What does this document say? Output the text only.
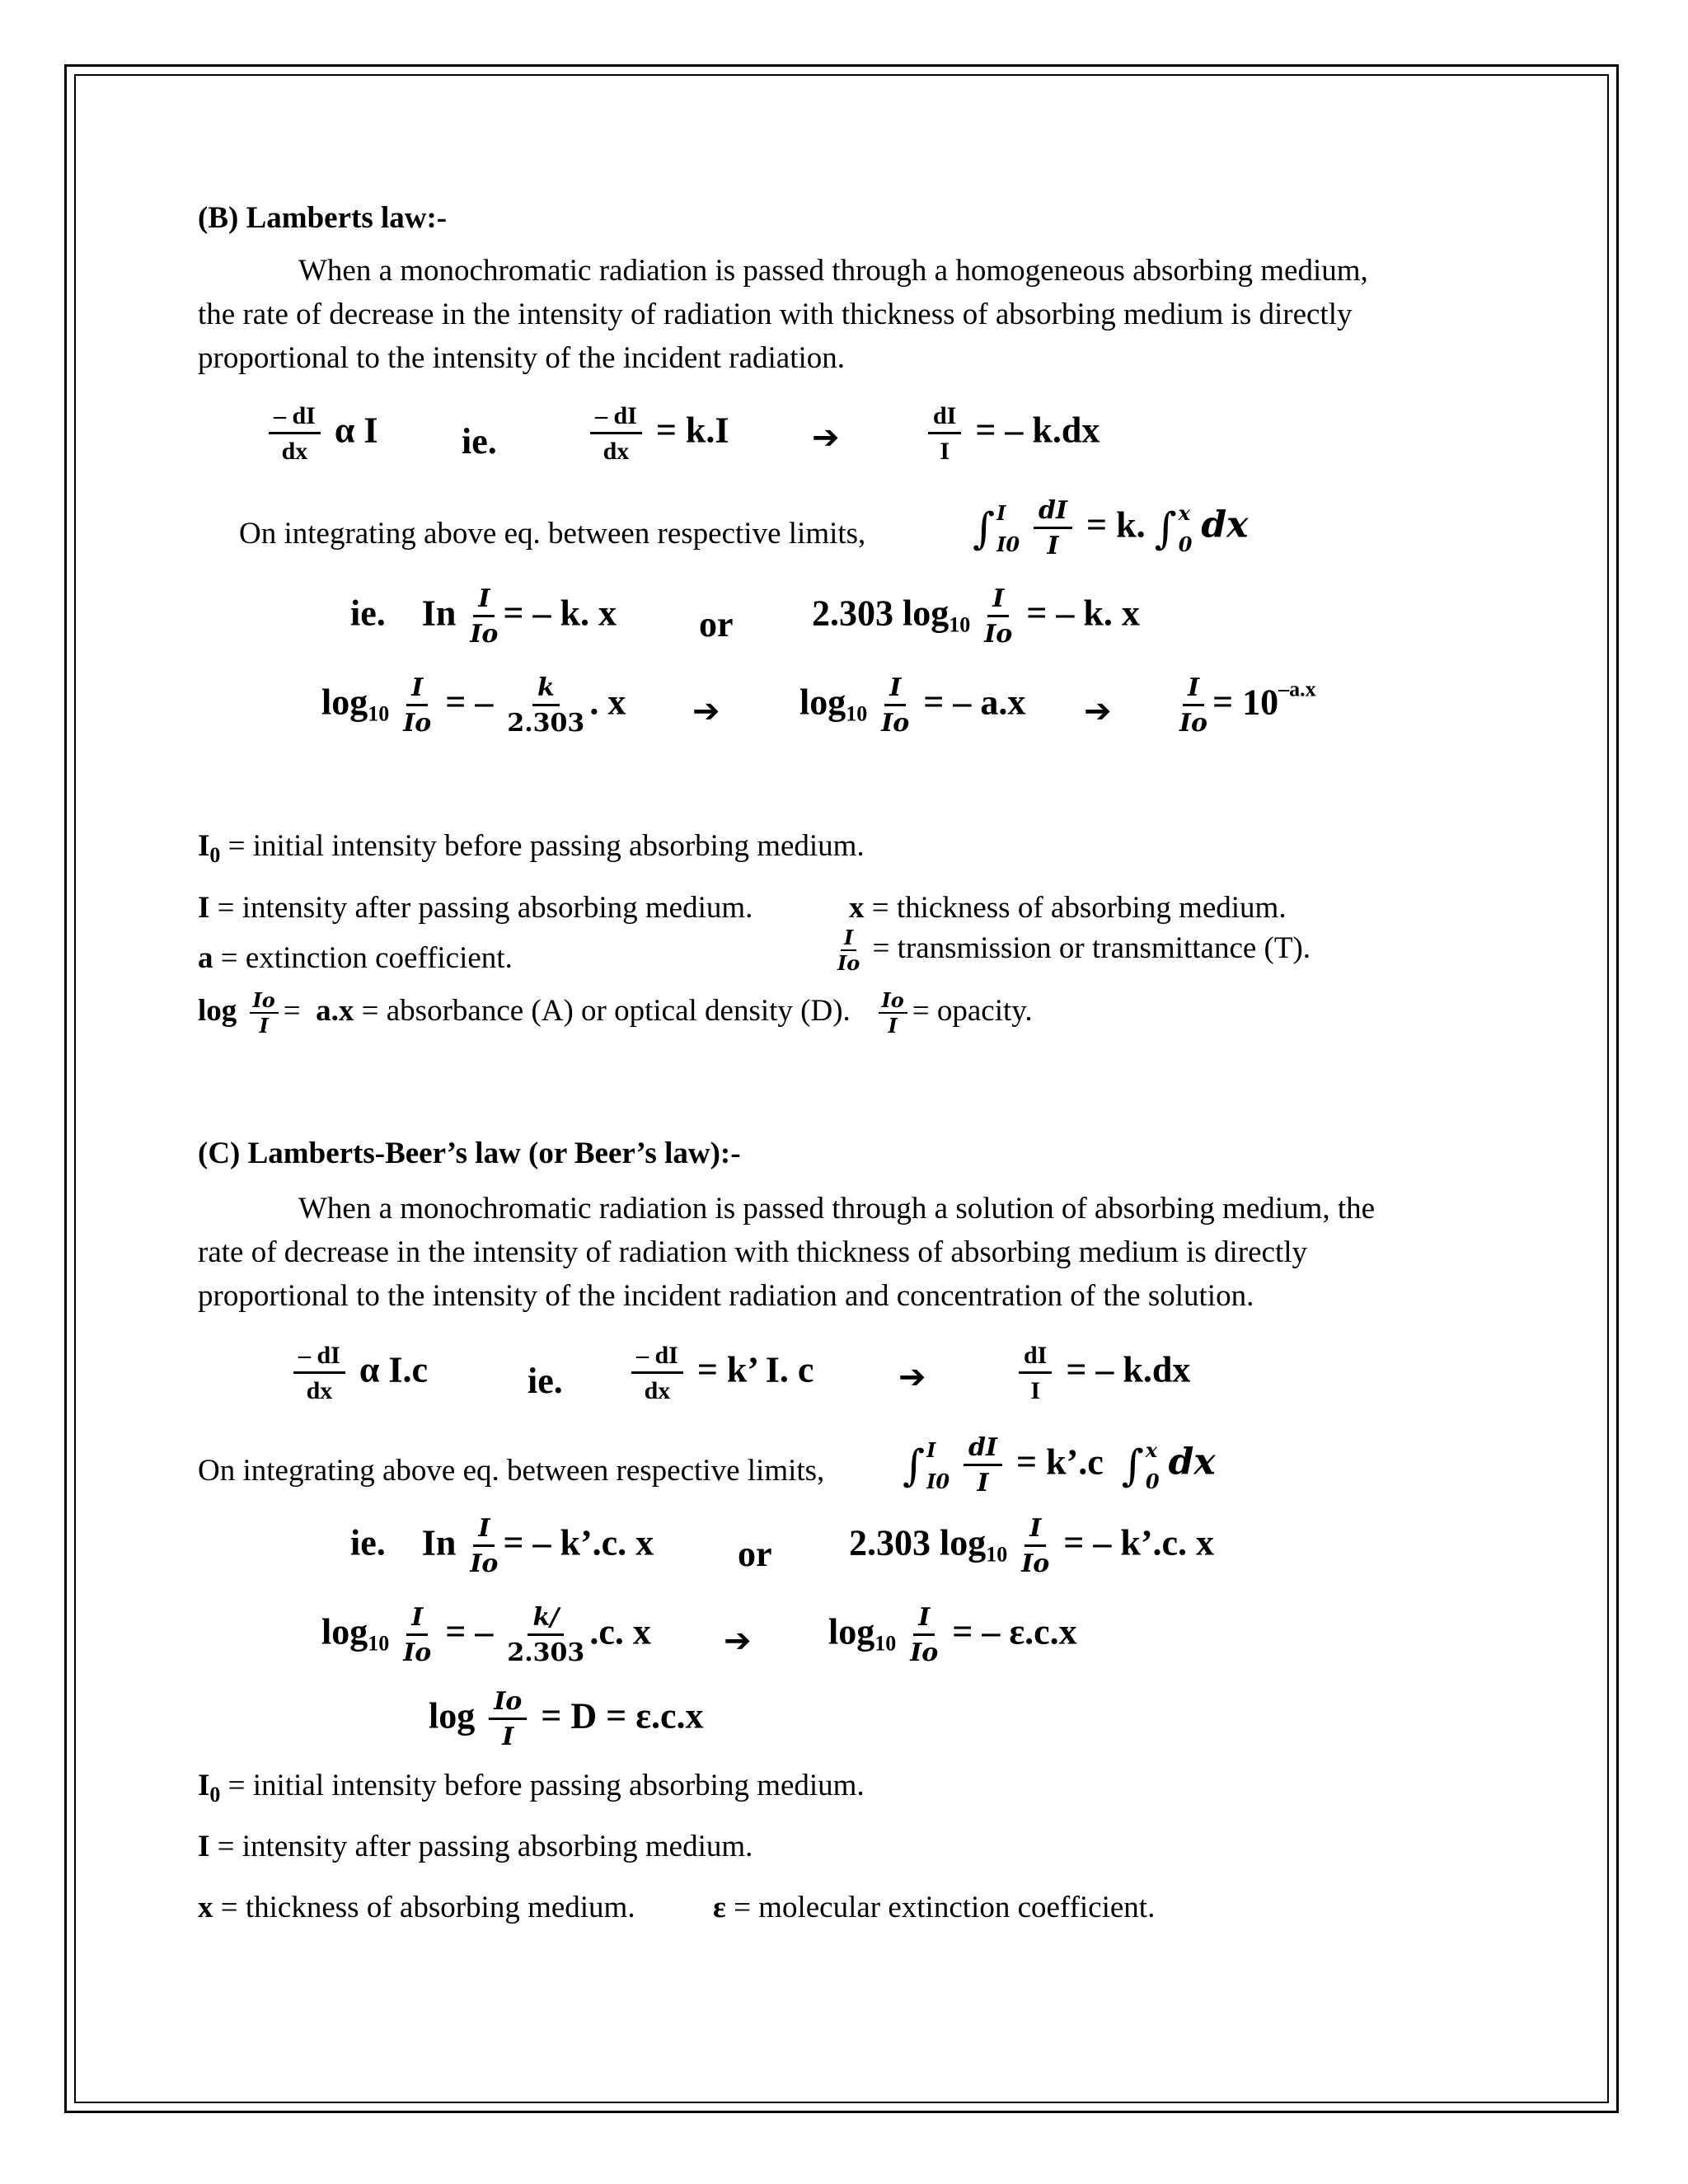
(B) Lamberts law:-

When a monochromatic radiation is passed through a homogeneous absorbing medium,

the rate of decrease in the intensity of radiation with thickness of absorbing medium is directly

proportional to the intensity of the incident radiation.

$\frac{- dI}{dx}$ α I ie.	$\frac{- dI}{dx} = k.I$	➔	$\frac{dI}{I}$ = – k.dx
On integrating above eq. between respective limits, ∫ I
I0
$\frac{dI}{I} = k$. ∫ x
0 dx
ie. In $\frac{I}{Io}$ = – k. x or 2.303 $\log_{10} \frac{I}{Io}$ = – k. x
$\log_{10} \frac{I}{Io}$ = – $\frac{k}{2.303}$ . x ➔ $\log_{10} \frac{I}{Io}$ = – a.x ➔	$\frac{I}{Io} = 10^{-a.x}$
$I_0$ = initial intensity before passing absorbing medium.
I = intensity after passing absorbing medium.	x = thickness of absorbing medium.
a = extinction coefficient.	$\frac{I}{Io}$ = transmission or transmittance (T).
$\log \frac{Io}{I} = a.x$ = absorbance (A) or optical density (D). $\frac{Io}{I}$ = opacity.
(C) Lamberts-Beer’s law (or Beer’s law):-

When a monochromatic radiation is passed through a solution of absorbing medium, the

rate of decrease in the intensity of radiation with thickness of absorbing medium is directly

proportional to the intensity of the incident radiation and concentration of the solution.

$\frac{- dI}{dx}$ α I.c	ie.	$\frac{- dI}{dx} = k$’ I. c	➔	$\frac{dI}{I}$ = – k.dx
On integrating above eq. between respective limits, ∫ I
I0
$\frac{dI}{I}$ = k’.c ∫ x
0 dx
ie. In $\frac{I}{Io}$ = – k’.c. x or 2.303 $\log_{10} \frac{I}{Io}$ = – k’.c. x
$\log_{10} \frac{I}{Io}$ = – $\frac{k/}{2.303} .c$. x ➔ $\log_{10} \frac{I}{Io}$ = – ε.c.x
$\log \frac{Io}{I} = D = \varepsilon.c.x$
$I_0$ = initial intensity before passing absorbing medium.
I = intensity after passing absorbing medium.
x = thickness of absorbing medium.	ε = molecular extinction coefficient.
